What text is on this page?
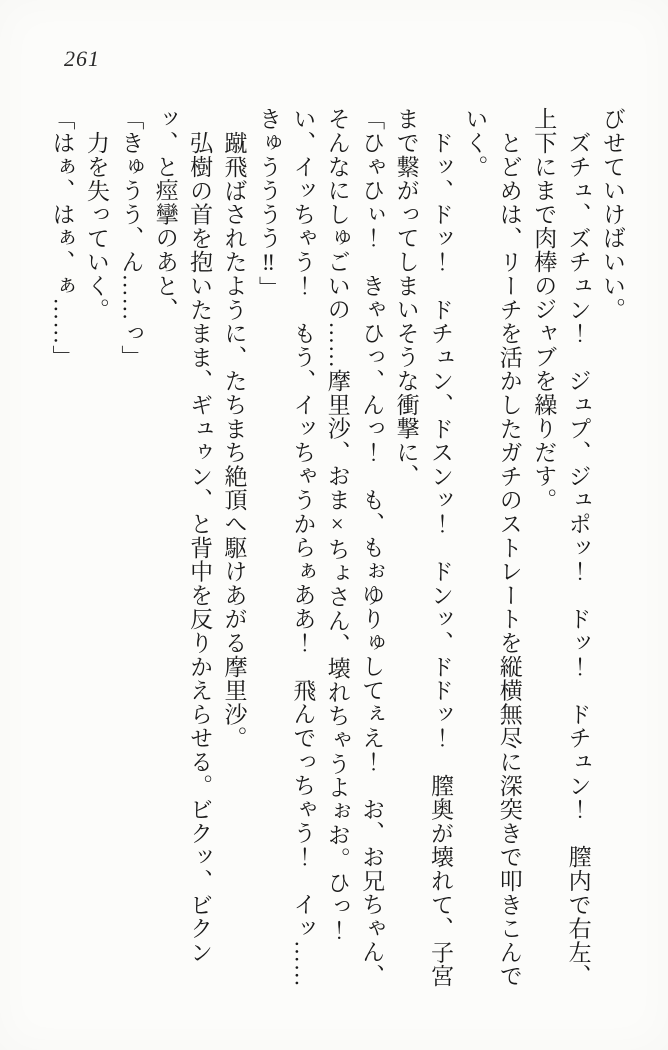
261

びせていけばいい。

ズチュ、ズチュン！　ジュプ、ジュポッ！　ドッ！　ドチュン！　膣内で右左、上下にまで肉棒のジャブを繰りだす。

とどめは、リーチを活かしたガチのストレートを縦横無尽に深突きで叩きこんでいく。

ドッ、ドッ！　ドチュン、ドスンッ！　ドンッ、ドドッ！　膣奥が壊れて、子宮まで繋がってしまいそうな衝撃に、

「ひゃひぃ！　きゃひっ、んっ！　も、もぉゆりゅしてぇえ！　お、お兄ちゃん、そんなにしゅごいの……摩里沙、おま×ちょさん、壊れちゃうよぉお。ひっ！　い、イッちゃう！　もう、イッちゃうからぁああ！　飛んでっちゃう！　イッ……きゅうううう‼」

蹴飛ばされたように、たちまち絶頂へ駆けあがる摩里沙。

弘樹の首を抱いたまま、ギュゥン、と背中を反りかえらせる。ビクッ、ビクンッ、と痙攣のあと、

「きゅうう、ん……っ」

力を失っていく。

「はぁ、はぁ、ぁ……」
